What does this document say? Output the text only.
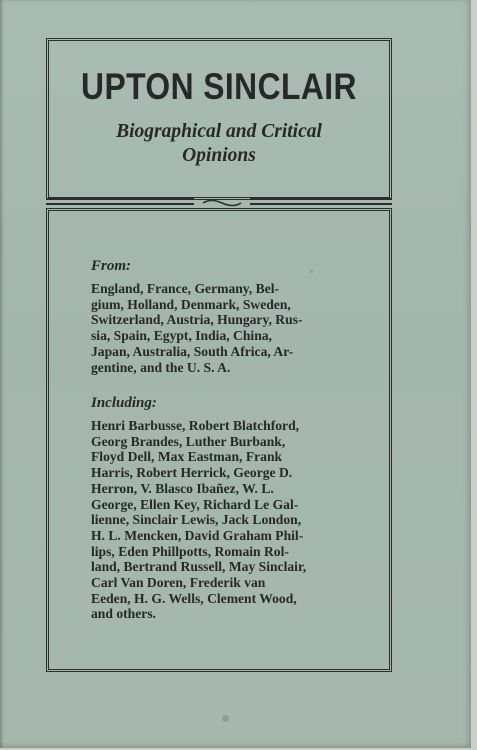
UPTON SINCLAIR
Biographical and Critical
Opinions
From:
England, France, Germany, Bel-
gium, Holland, Denmark, Sweden,
Switzerland, Austria, Hungary, Rus-
sia, Spain, Egypt, India, China,
Japan, Australia, South Africa, Ar-
gentine, and the U. S. A.
Including:
Henri Barbusse, Robert Blatchford,
Georg Brandes, Luther Burbank,
Floyd Dell, Max Eastman, Frank
Harris, Robert Herrick, George D.
Herron, V. Blasco Ibañez, W. L.
George, Ellen Key, Richard Le Gal-
lienne, Sinclair Lewis, Jack London,
H. L. Mencken, David Graham Phil-
lips, Eden Phillpotts, Romain Rol-
land, Bertrand Russell, May Sinclair,
Carl Van Doren, Frederik van
Eeden, H. G. Wells, Clement Wood,
and others.
